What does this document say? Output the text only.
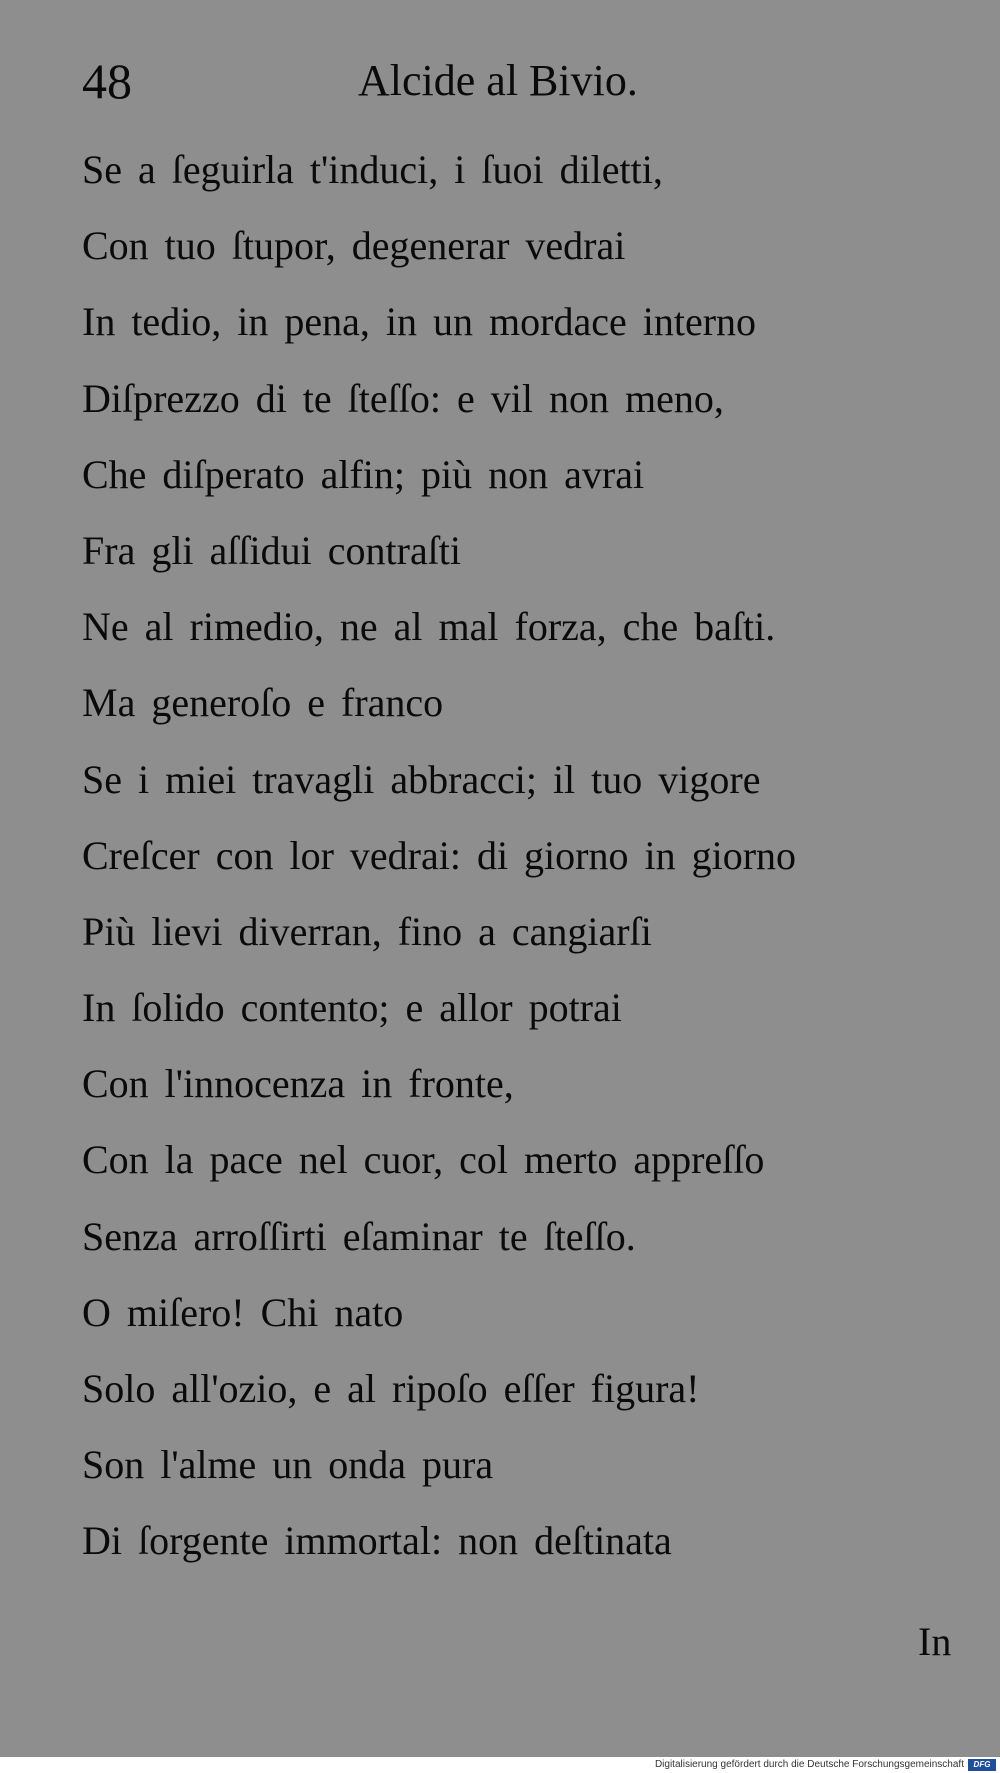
48	Alcide al Bivio.
Se a ſeguirla t'induci, i ſuoi diletti,
Con tuo ſtupor, degenerar vedrai
In tedio, in pena, in un mordace interno
Diſprezzo di te ſteſſo: e vil non meno,
Che diſperato alfin; più non avrai
Fra gli aſſidui contraſti
Ne al rimedio, ne al mal forza, che baſti.
Ma generoſo e franco
Se i miei travagli abbracci; il tuo vigore
Creſcer con lor vedrai: di giorno in giorno
Più lievi diverran, fino a cangiarſi
In ſolido contento; e allor potrai
Con l'innocenza in fronte,
Con la pace nel cuor, col merto appreſſo
Senza arroſſirti eſaminar te ſteſſo.
O miſero! Chi nato
Solo all'ozio, e al ripoſo eſſer figura!
Son l'alme un onda pura
Di ſorgente immortal: non deſtinata
In
Digitalisierung gefördert durch die Deutsche Forschungsgemeinschaft	DFG
